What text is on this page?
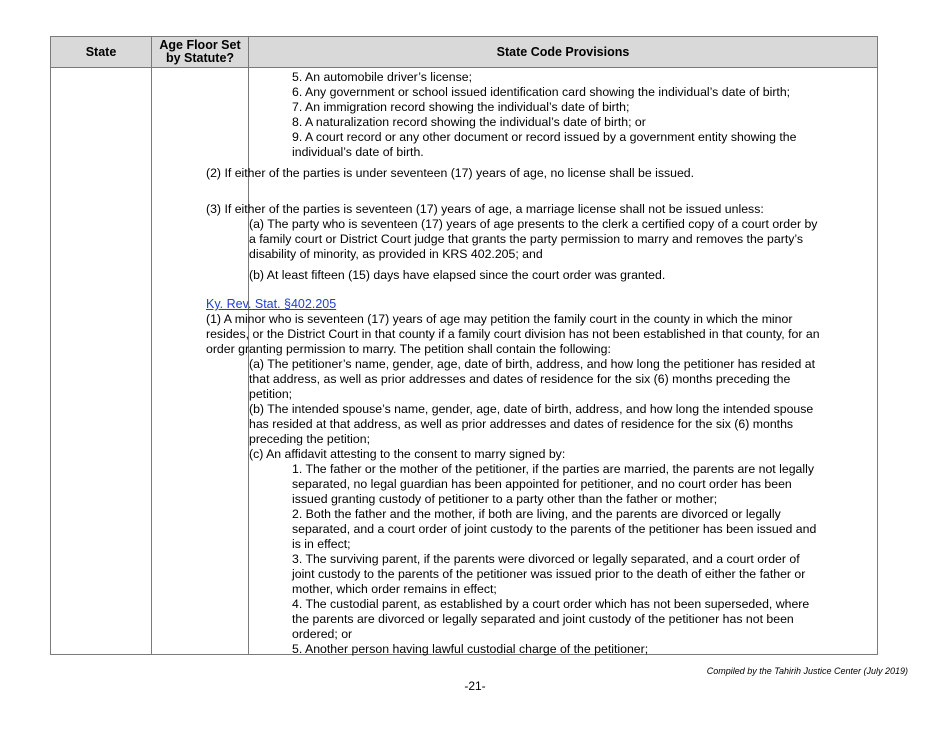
State	Age Floor Set by Statute?	State Code Provisions

5. An automobile driver’s license;

6. Any government or school issued identification card showing the individual’s date of birth;

7. An immigration record showing the individual’s date of birth;

8. A naturalization record showing the individual’s date of birth; or

9. A court record or any other document or record issued by a government entity showing the individual’s date of birth.

(2) If either of the parties is under seventeen (17) years of age, no license shall be issued.

(3) If either of the parties is seventeen (17) years of age, a marriage license shall not be issued unless:

(a) The party who is seventeen (17) years of age presents to the clerk a certified copy of a court order by a family court or District Court judge that grants the party permission to marry and removes the party’s disability of minority, as provided in KRS 402.205; and

(b) At least fifteen (15) days have elapsed since the court order was granted.

Ky. Rev. Stat. §402.205

(1) A minor who is seventeen (17) years of age may petition the family court in the county in which the minor resides, or the District Court in that county if a family court division has not been established in that county, for an order granting permission to marry. The petition shall contain the following:

(a) The petitioner’s name, gender, age, date of birth, address, and how long the petitioner has resided at that address, as well as prior addresses and dates of residence for the six (6) months preceding the petition;

(b) The intended spouse’s name, gender, age, date of birth, address, and how long the intended spouse has resided at that address, as well as prior addresses and dates of residence for the six (6) months preceding the petition;

(c) An affidavit attesting to the consent to marry signed by:

1. The father or the mother of the petitioner, if the parties are married, the parents are not legally separated, no legal guardian has been appointed for petitioner, and no court order has been issued granting custody of petitioner to a party other than the father or mother;

2. Both the father and the mother, if both are living, and the parents are divorced or legally separated, and a court order of joint custody to the parents of the petitioner has been issued and is in effect;

3. The surviving parent, if the parents were divorced or legally separated, and a court order of joint custody to the parents of the petitioner was issued prior to the death of either the father or mother, which order remains in effect;

4. The custodial parent, as established by a court order which has not been superseded, where the parents are divorced or legally separated and joint custody of the petitioner has not been ordered; or

5. Another person having lawful custodial charge of the petitioner;

Compiled by the Tahirih Justice Center (July 2019)
-21-
